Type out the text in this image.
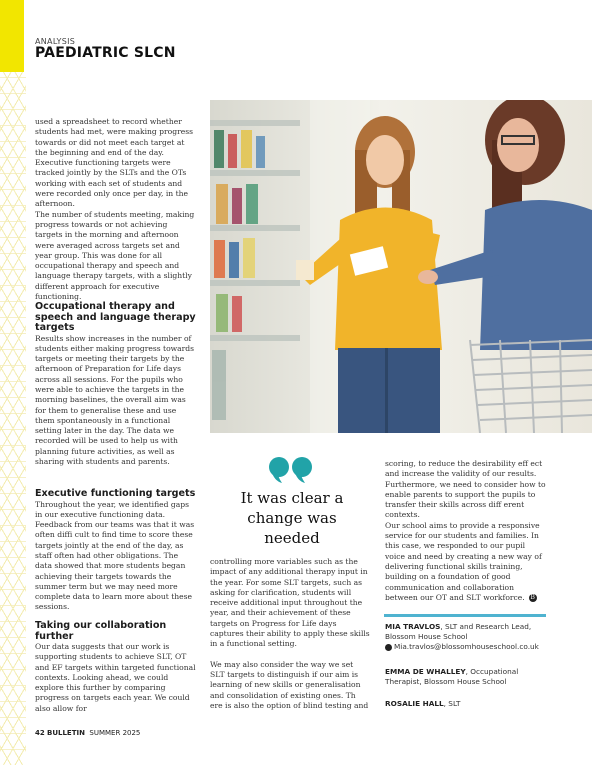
ANALYSIS
PAEDIATRIC SLCN

used a spreadsheet to record whether students had met, were making progress towards or did not meet each target at the beginning and end of the day. Executive functioning targets were tracked jointly by the SLTs and the OTs working with each set of students and were recorded only once per day, in the afternoon.

The number of students meeting, making progress towards or not achieving targets in the morning and afternoon were averaged across targets set and year group. This was done for all occupational therapy and speech and language therapy targets, with a slightly different approach for executive functioning.

Occupational therapy and speech and language therapy targets

Results show increases in the number of students either making progress towards targets or meeting their targets by the afternoon of Preparation for Life days across all sessions. For the pupils who were able to achieve the targets in the morning baselines, the overall aim was for them to generalise these and use them spontaneously in a functional setting later in the day. The data we recorded will be used to help us with planning future activities, as well as sharing with students and parents.

Executive functioning targets

Throughout the year, we identified gaps in our executive functioning data. Feedback from our teams was that it was often diffi cult to find time to score these targets jointly at the end of the day, as staff often had other obligations. The data showed that more students began achieving their targets towards the summer term but we may need more complete data to learn more about these sessions.

Taking our collaboration further

Our data suggests that our work is supporting students to achieve SLT, OT and EF targets within targeted functional contexts. Looking ahead, we could explore this further by comparing progress on targets each year. We could also allow for

It was clear a change was needed

controlling more variables such as the impact of any additional therapy input in the year. For some SLT targets, such as asking for clarification, students will receive additional input throughout the year, and their achievement of these targets on Progress for Life days captures their ability to apply these skills in a functional setting.

We may also consider the way we set SLT targets to distinguish if our aim is learning of new skills or generalisation and consolidation of existing ones. Th ere is also the option of blind testing and

scoring, to reduce the desirability eff ect and increase the validity of our results. Furthermore, we need to consider how to enable parents to support the pupils to transfer their skills across diff erent contexts.

Our school aims to provide a responsive service for our students and families. In this case, we responded to our pupil voice and need by creating a new way of delivering functional skills training, building on a foundation of good communication and collaboration between our OT and SLT workforce. B

MIA TRAVLOS, SLT and Research Lead, Blossom House School
Mia.travlos@blossomhouseschool.co.uk
EMMA DE WHALLEY, Occupational Therapist, Blossom House School
ROSALIE HALL, SLT
42 BULLETIN SUMMER 2025
